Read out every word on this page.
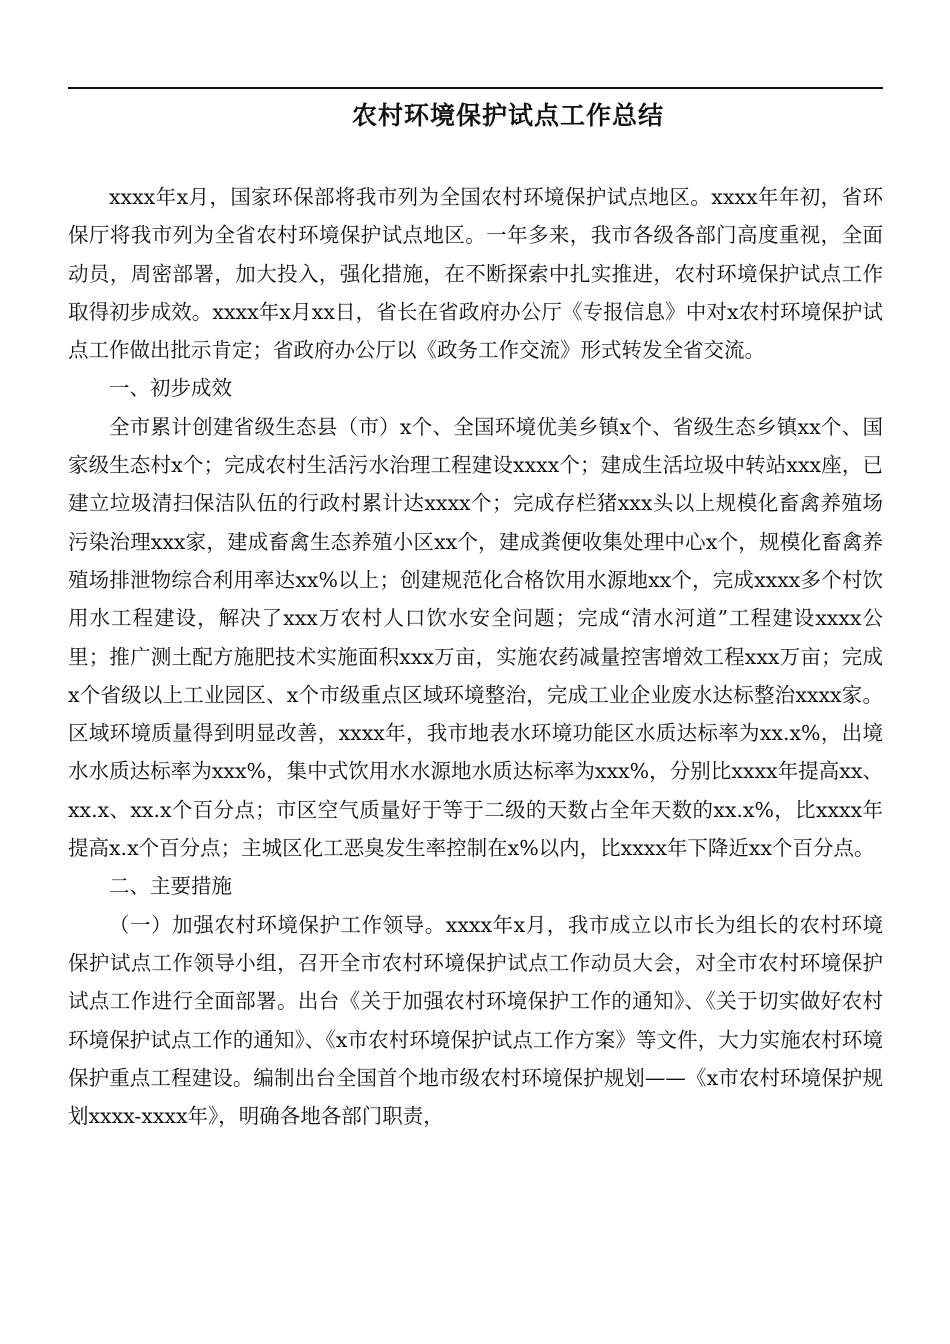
农村环境保护试点工作总结

xxxx年x月，国家环保部将我市列为全国农村环境保护试点地区。xxxx年年初，省环保厅将我市列为全省农村环境保护试点地区。一年多来，我市各级各部门高度重视，全面动员，周密部署，加大投入，强化措施，在不断探索中扎实推进，农村环境保护试点工作取得初步成效。xxxx年x月xx日，省长在省政府办公厅《专报信息》中对x农村环境保护试点工作做出批示肯定；省政府办公厅以《政务工作交流》形式转发全省交流。

一、初步成效

全市累计创建省级生态县（市）x个、全国环境优美乡镇x个、省级生态乡镇xx个、国家级生态村x个；完成农村生活污水治理工程建设xxxx个；建成生活垃圾中转站xxx座，已建立垃圾清扫保洁队伍的行政村累计达xxxx个；完成存栏猪xxx头以上规模化畜禽养殖场污染治理xxx家，建成畜禽生态养殖小区xx个，建成粪便收集处理中心x个，规模化畜禽养殖场排泄物综合利用率达xx%以上；创建规范化合格饮用水源地xx个，完成xxxx多个村饮用水工程建设，解决了xxx万农村人口饮水安全问题；完成“清水河道”工程建设xxxx公里；推广测土配方施肥技术实施面积xxx万亩，实施农药减量控害增效工程xxx万亩；完成x个省级以上工业园区、x个市级重点区域环境整治，完成工业企业废水达标整治xxxx家。区域环境质量得到明显改善，xxxx年，我市地表水环境功能区水质达标率为xx.x%，出境水水质达标率为xxx%，集中式饮用水水源地水质达标率为xxx%，分别比xxxx年提高xx、xx.x、xx.x个百分点；市区空气质量好于等于二级的天数占全年天数的xx.x%，比xxxx年提高x.x个百分点；主城区化工恶臭发生率控制在x%以内，比xxxx年下降近xx个百分点。

二、主要措施

（一）加强农村环境保护工作领导。xxxx年x月，我市成立以市长为组长的农村环境保护试点工作领导小组，召开全市农村环境保护试点工作动员大会，对全市农村环境保护试点工作进行全面部署。出台《关于加强农村环境保护工作的通知》、《关于切实做好农村环境保护试点工作的通知》、《x市农村环境保护试点工作方案》等文件，大力实施农村环境保护重点工程建设。编制出台全国首个地市级农村环境保护规划——《x市农村环境保护规划xxxx-xxxx年》，明确各地各部门职责，
